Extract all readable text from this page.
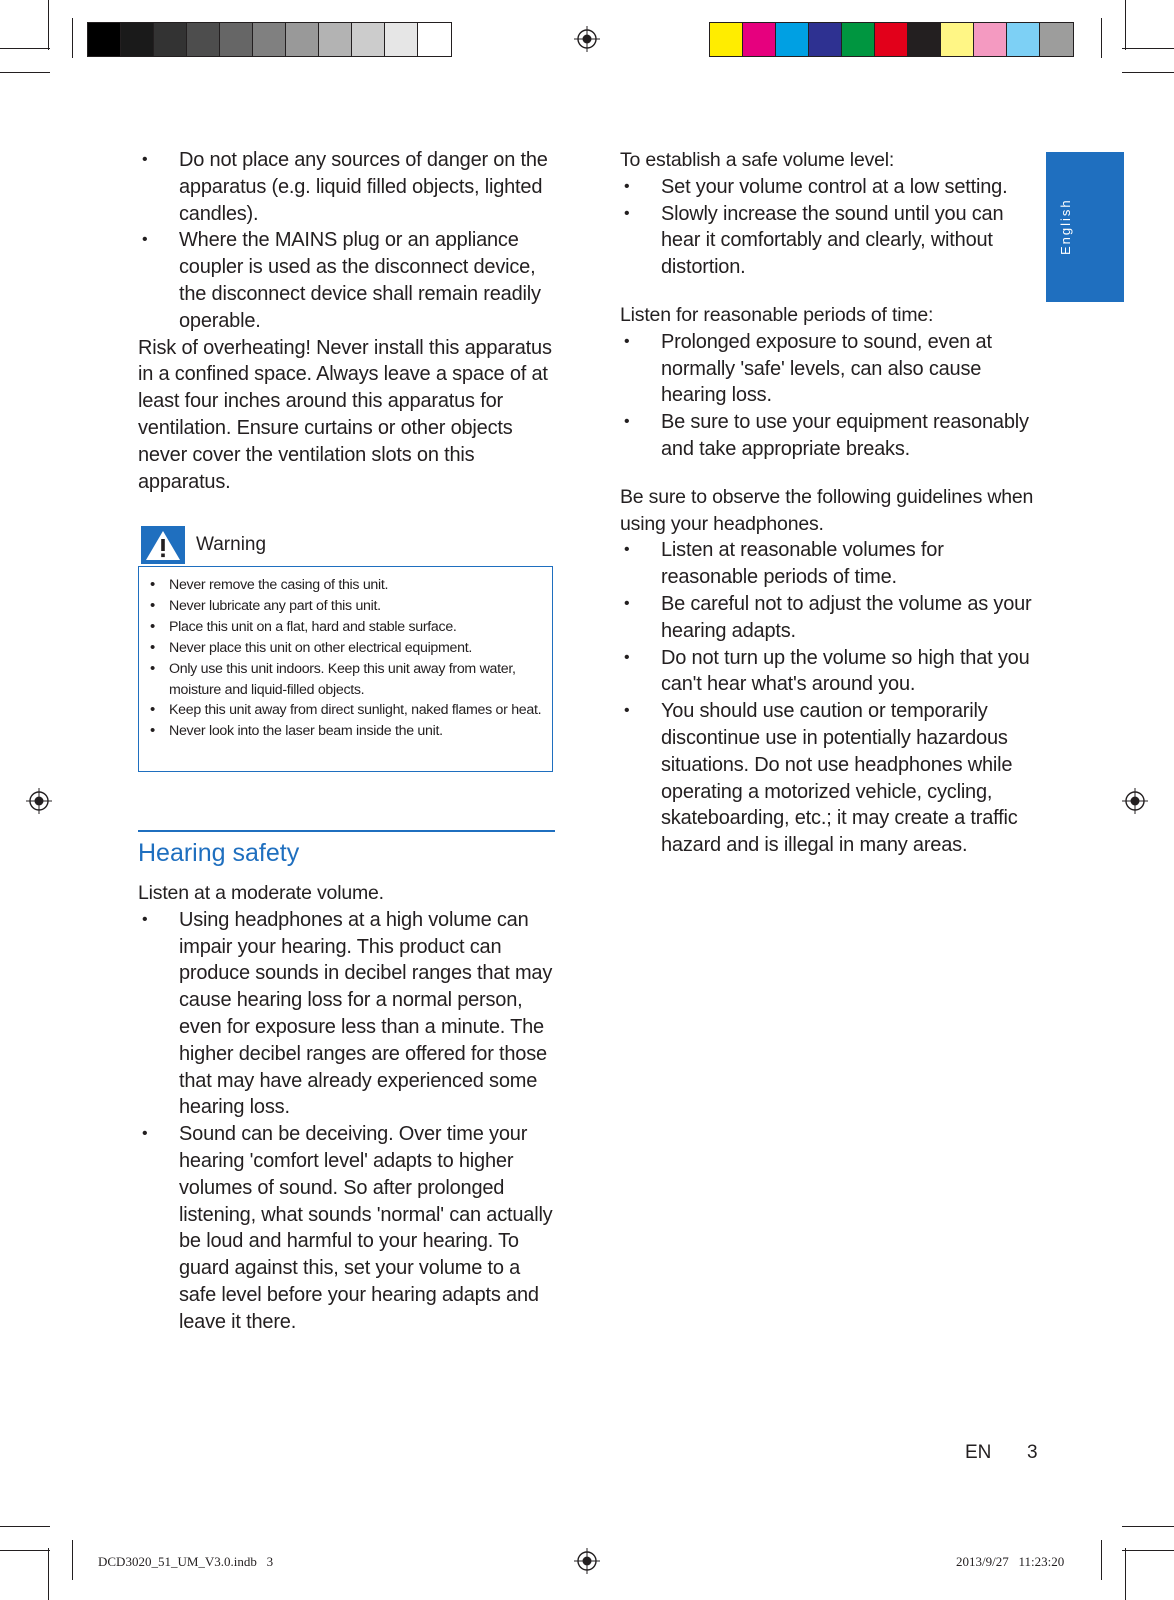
• Do not place any sources of danger on the apparatus (e.g. liquid filled objects, lighted candles).
• Where the MAINS plug or an appliance coupler is used as the disconnect device, the disconnect device shall remain readily operable.

Risk of overheating! Never install this apparatus in a confined space. Always leave a space of at least four inches around this apparatus for ventilation. Ensure curtains or other objects never cover the ventilation slots on this apparatus.

Warning
• Never remove the casing of this unit.
• Never lubricate any part of this unit.
• Place this unit on a flat, hard and stable surface.
• Never place this unit on other electrical equipment.
• Only use this unit indoors. Keep this unit away from water, moisture and liquid-filled objects.
• Keep this unit away from direct sunlight, naked flames or heat.
• Never look into the laser beam inside the unit.
Hearing safety
Listen at a moderate volume.
• Using headphones at a high volume can impair your hearing. This product can produce sounds in decibel ranges that may cause hearing loss for a normal person, even for exposure less than a minute. The higher decibel ranges are offered for those that may have already experienced some hearing loss.
• Sound can be deceiving. Over time your hearing 'comfort level' adapts to higher volumes of sound. So after prolonged listening, what sounds 'normal' can actually be loud and harmful to your hearing. To guard against this, set your volume to a safe level before your hearing adapts and leave it there.
To establish a safe volume level:
• Set your volume control at a low setting.
• Slowly increase the sound until you can hear it comfortably and clearly, without distortion.
Listen for reasonable periods of time:
• Prolonged exposure to sound, even at normally 'safe' levels, can also cause hearing loss.
• Be sure to use your equipment reasonably and take appropriate breaks.
Be sure to observe the following guidelines when using your headphones.
• Listen at reasonable volumes for reasonable periods of time.
• Be careful not to adjust the volume as your hearing adapts.
• Do not turn up the volume so high that you can't hear what's around you.
• You should use caution or temporarily discontinue use in potentially hazardous situations. Do not use headphones while operating a motorized vehicle, cycling, skateboarding, etc.; it may create a traffic hazard and is illegal in many areas.
English
EN 3
DCD3020_51_UM_V3.0.indb   3	2013/9/27   11:23:20
